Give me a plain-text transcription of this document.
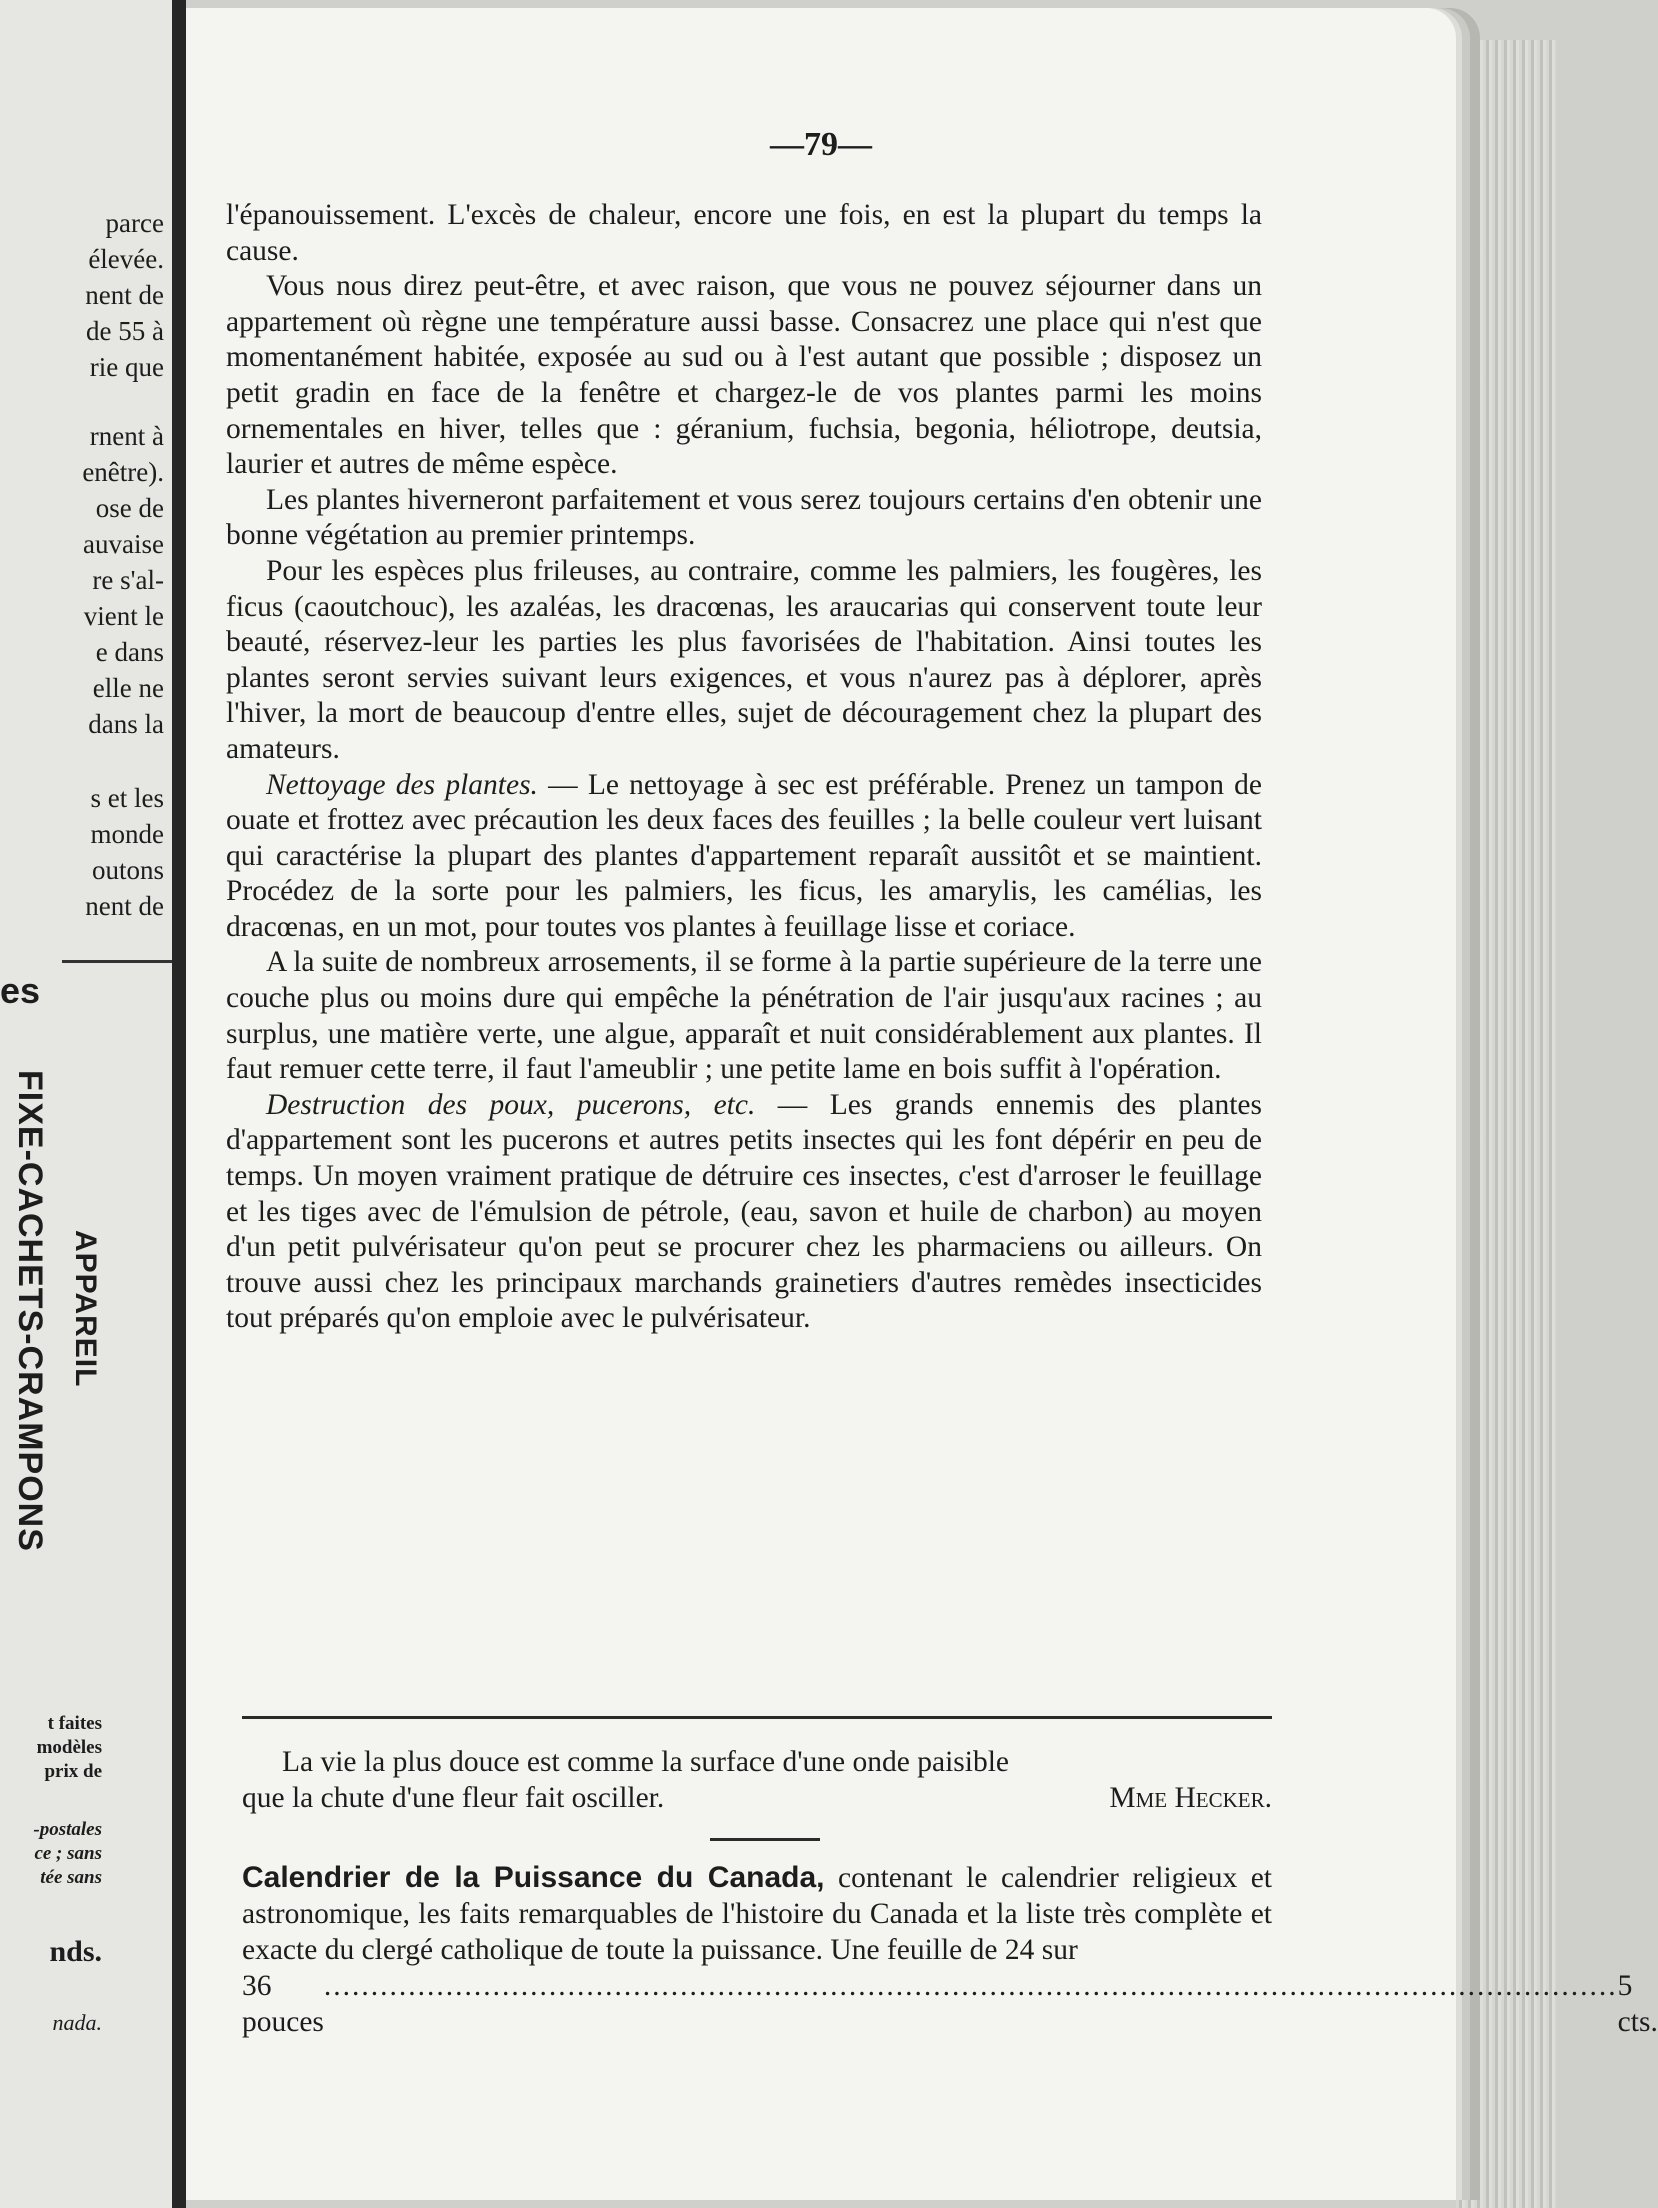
parce
élevée.
nent de
de 55 à
rie que
rnent à
enêtre).
ose de
auvaise
re s'al-
vient le
e dans
elle ne
dans la
s et les
monde
outons
nent de
es
FIXE-CACHETS-CRAMPONS APPAREIL
t faites
modèles
prix de
-postales
ce ; sans
tée sans
nds.
nada.
—79—

l'épanouissement. L'excès de chaleur, encore une fois, en est la plupart du temps la cause.

Vous nous direz peut-être, et avec raison, que vous ne pouvez séjourner dans un appartement où règne une température aussi basse. Consacrez une place qui n'est que momentanément habitée, exposée au sud ou à l'est autant que possible ; disposez un petit gradin en face de la fenêtre et chargez-le de vos plantes parmi les moins ornementales en hiver, telles que : géranium, fuchsia, begonia, héliotrope, deutsia, laurier et autres de même espèce.

Les plantes hiverneront parfaitement et vous serez toujours certains d'en obtenir une bonne végétation au premier printemps.

Pour les espèces plus frileuses, au contraire, comme les palmiers, les fougères, les ficus (caoutchouc), les azaléas, les dracœnas, les araucarias qui conservent toute leur beauté, réservez-leur les parties les plus favorisées de l'habitation. Ainsi toutes les plantes seront servies suivant leurs exigences, et vous n'aurez pas à déplorer, après l'hiver, la mort de beaucoup d'entre elles, sujet de découragement chez la plupart des amateurs.

Nettoyage des plantes. — Le nettoyage à sec est préférable. Prenez un tampon de ouate et frottez avec précaution les deux faces des feuilles ; la belle couleur vert luisant qui caractérise la plupart des plantes d'appartement reparaît aussitôt et se maintient. Procédez de la sorte pour les palmiers, les ficus, les amarylis, les camélias, les dracœnas, en un mot, pour toutes vos plantes à feuillage lisse et coriace.

A la suite de nombreux arrosements, il se forme à la partie supérieure de la terre une couche plus ou moins dure qui empêche la pénétration de l'air jusqu'aux racines ; au surplus, une matière verte, une algue, apparaît et nuit considérablement aux plantes. Il faut remuer cette terre, il faut l'ameublir ; une petite lame en bois suffit à l'opération.

Destruction des poux, pucerons, etc. — Les grands ennemis des plantes d'appartement sont les pucerons et autres petits insectes qui les font dépérir en peu de temps. Un moyen vraiment pratique de détruire ces insectes, c'est d'arroser le feuillage et les tiges avec de l'émulsion de pétrole, (eau, savon et huile de charbon) au moyen d'un petit pulvérisateur qu'on peut se procurer chez les pharmaciens ou ailleurs. On trouve aussi chez les principaux marchands grainetiers d'autres remèdes insecticides tout préparés qu'on emploie avec le pulvérisateur.

La vie la plus douce est comme la surface d'une onde paisible
que la chute d'une fleur fait osciller.	Mme Hecker.
Calendrier de la Puissance du Canada, contenant le calendrier religieux et astronomique, les faits remarquables de l'histoire du Canada et la liste très complète et exacte du clergé catholique de toute la puissance. Une feuille de 24 sur
36 pouces
.......................................................................................................................................... 5 cts.
